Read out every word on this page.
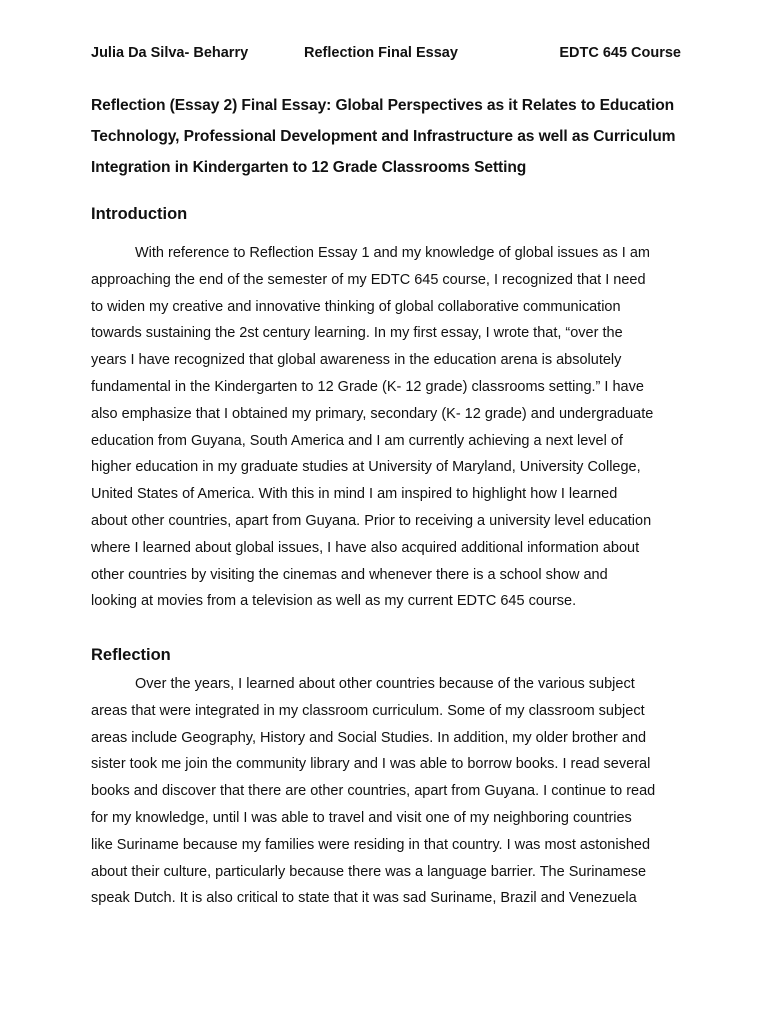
Julia Da Silva- Beharry	Reflection Final Essay	EDTC 645 Course
Reflection (Essay 2) Final Essay: Global Perspectives as it Relates to Education
Technology, Professional Development and Infrastructure as well as Curriculum
Integration in Kindergarten to 12 Grade Classrooms Setting
Introduction

With reference to Reflection Essay 1 and my knowledge of global issues as I am
approaching the end of the semester of my EDTC 645 course, I recognized that I need
to widen my creative and innovative thinking of global collaborative communication
towards sustaining the 2st century learning. In my first essay, I wrote that, “over the
years I have recognized that global awareness in the education arena is absolutely
fundamental in the Kindergarten to 12 Grade (K- 12 grade) classrooms setting.” I have
also emphasize that I obtained my primary, secondary (K- 12 grade) and undergraduate
education from Guyana, South America and I am currently achieving a next level of
higher education in my graduate studies at University of Maryland, University College,
United States of America. With this in mind I am inspired to highlight how I learned
about other countries, apart from Guyana. Prior to receiving a university level education
where I learned about global issues, I have also acquired additional information about
other countries by visiting the cinemas and whenever there is a school show and
looking at movies from a television as well as my current EDTC 645 course.

Reflection

Over the years, I learned about other countries because of the various subject
areas that were integrated in my classroom curriculum. Some of my classroom subject
areas include Geography, History and Social Studies. In addition, my older brother and
sister took me join the community library and I was able to borrow books. I read several
books and discover that there are other countries, apart from Guyana. I continue to read
for my knowledge, until I was able to travel and visit one of my neighboring countries
like Suriname because my families were residing in that country. I was most astonished
about their culture, particularly because there was a language barrier. The Surinamese
speak Dutch. It is also critical to state that it was sad Suriname, Brazil and Venezuela
